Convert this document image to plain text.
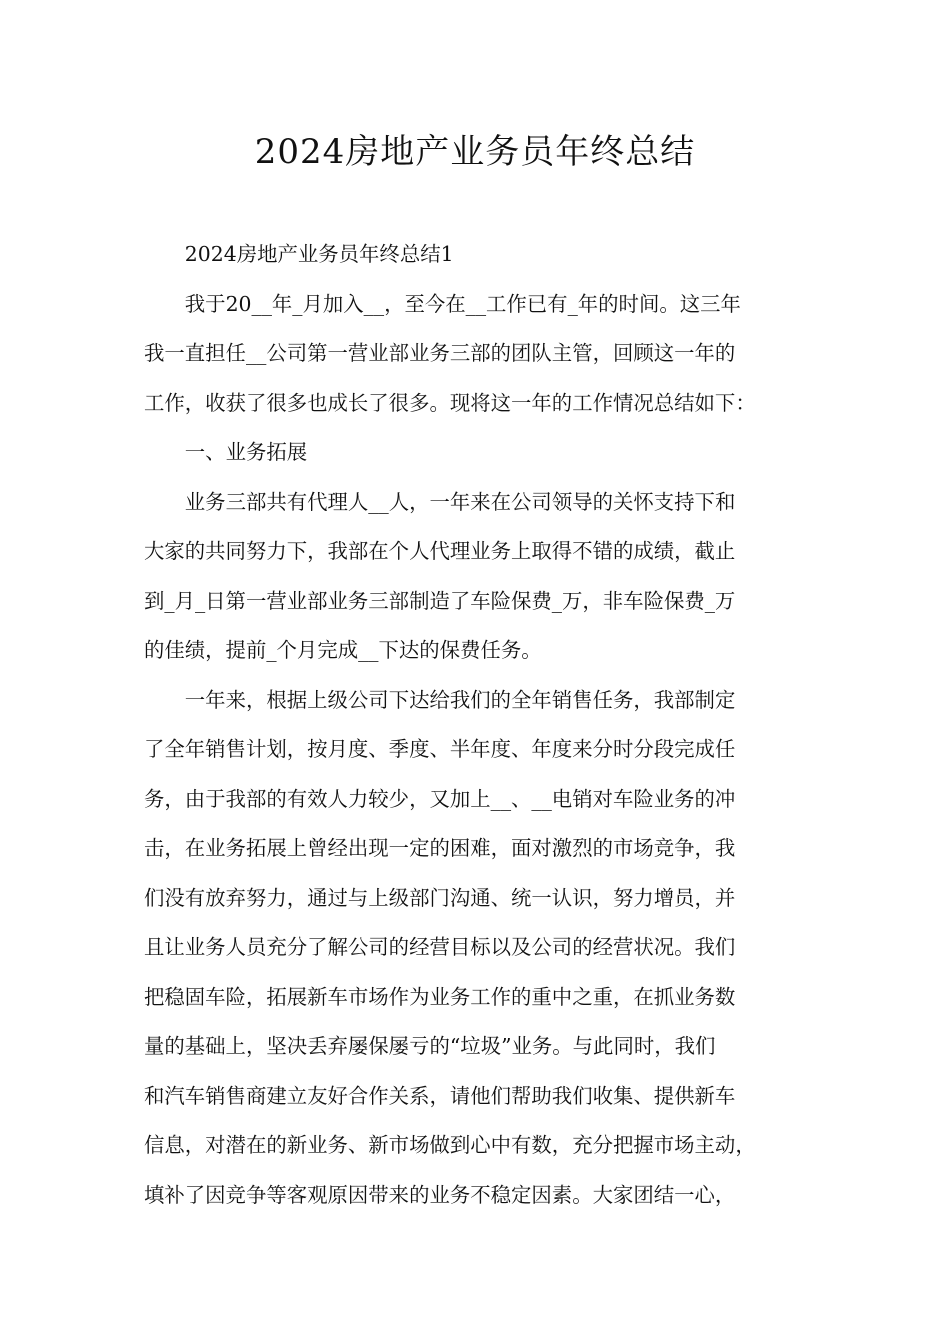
2024房地产业务员年终总结

2024房地产业务员年终总结1

我于20__年_月加入__，至今在__工作已有_年的时间。这三年
我一直担任__公司第一营业部业务三部的团队主管，回顾这一年的
工作，收获了很多也成长了很多。现将这一年的工作情况总结如下：

一、业务拓展

业务三部共有代理人__人，一年来在公司领导的关怀支持下和
大家的共同努力下，我部在个人代理业务上取得不错的成绩，截止
到_月_日第一营业部业务三部制造了车险保费_万，非车险保费_万
的佳绩，提前_个月完成__下达的保费任务。

一年来，根据上级公司下达给我们的全年销售任务，我部制定
了全年销售计划，按月度、季度、半年度、年度来分时分段完成任
务，由于我部的有效人力较少，又加上__、__电销对车险业务的冲
击，在业务拓展上曾经出现一定的困难，面对激烈的市场竞争，我
们没有放弃努力，通过与上级部门沟通、统一认识，努力增员，并
且让业务人员充分了解公司的经营目标以及公司的经营状况。我们
把稳固车险，拓展新车市场作为业务工作的重中之重，在抓业务数
量的基础上，坚决丢弃屡保屡亏的“垃圾”业务。与此同时，我们
和汽车销售商建立友好合作关系，请他们帮助我们收集、提供新车
信息，对潜在的新业务、新市场做到心中有数，充分把握市场主动，
填补了因竞争等客观原因带来的业务不稳定因素。大家团结一心，
